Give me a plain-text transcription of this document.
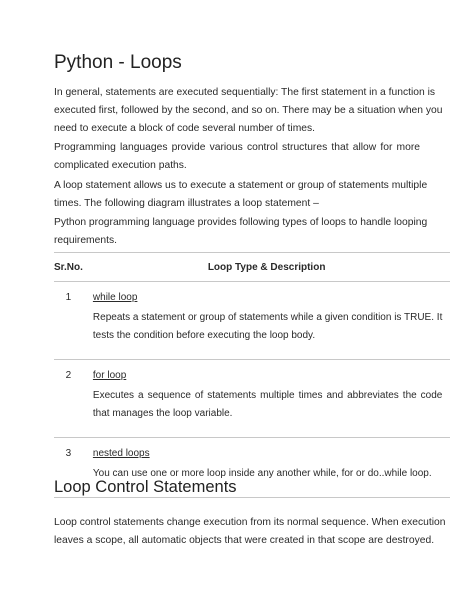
Python - Loops

In general, statements are executed sequentially: The first statement in a function is
executed first, followed by the second, and so on. There may be a situation when you
need to execute a block of code several number of times.

Programming languages provide various control structures that allow for more
complicated execution paths.

A loop statement allows us to execute a statement or group of statements multiple
times. The following diagram illustrates a loop statement –

Python programming language provides following types of loops to handle looping
requirements.

Sr.No.	Loop Type & Description
1	while loop
Repeats a statement or group of statements while a given condition is TRUE. It
tests the condition before executing the loop body.

2	for loop
Executes a sequence of statements multiple times and abbreviates the code
that manages the loop variable.

3	nested loops
You can use one or more loop inside any another while, for or do..while loop.
Loop Control Statements

Loop control statements change execution from its normal sequence. When execution
leaves a scope, all automatic objects that were created in that scope are destroyed.
